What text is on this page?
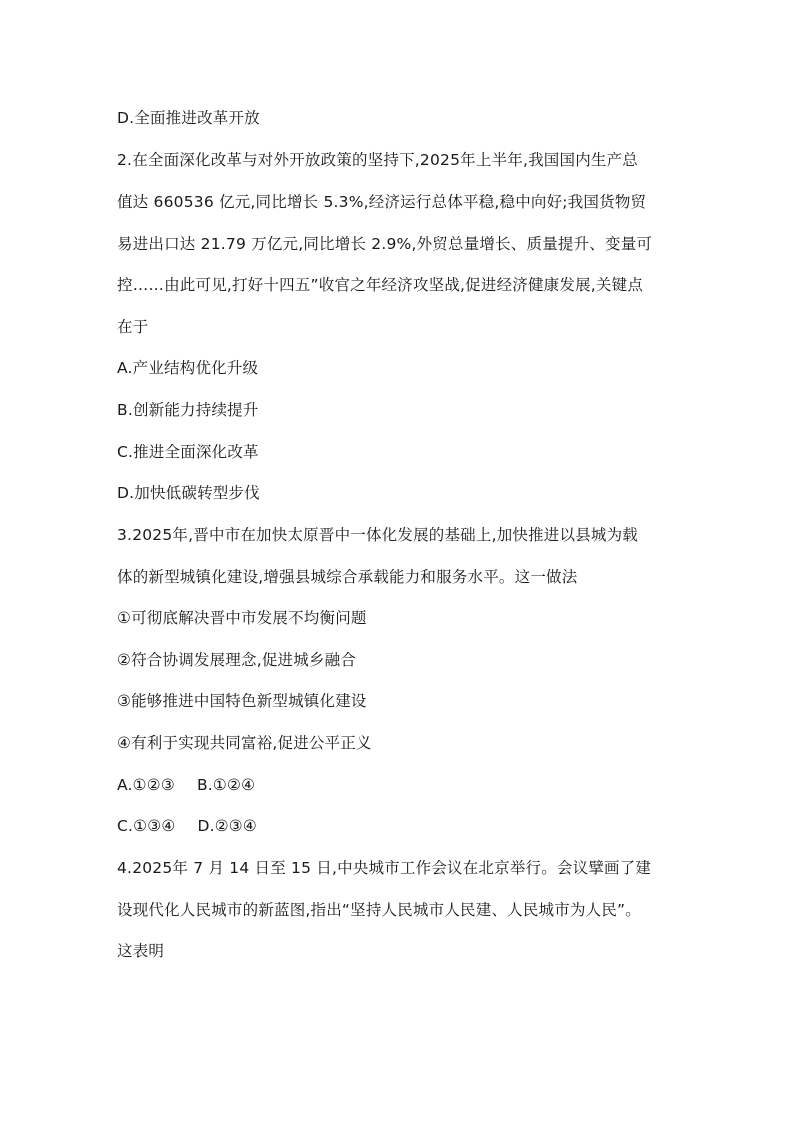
D.全面推进改革开放
2.在全面深化改革与对外开放政策的坚持下,2025年上半年,我国国内生产总
值达 660536 亿元,同比增长 5.3%,经济运行总体平稳,稳中向好;我国货物贸
易进出口达 21.79 万亿元,同比增长 2.9%,外贸总量增长、质量提升、变量可
控……由此可见,打好十四五”收官之年经济攻坚战,促进经济健康发展,关键点
在于
A.产业结构优化升级
B.创新能力持续提升
C.推进全面深化改革
D.加快低碳转型步伐
3.2025年,晋中市在加快太原晋中一体化发展的基础上,加快推进以县城为载
体的新型城镇化建设,增强县城综合承载能力和服务水平。这一做法
①可彻底解决晋中市发展不均衡问题
②符合协调发展理念,促进城乡融合
③能够推进中国特色新型城镇化建设
④有利于实现共同富裕,促进公平正义
A.①②③ B.①②④
C.①③④ D.②③④
4.2025年 7 月 14 日至 15 日,中央城市工作会议在北京举行。会议擘画了建
设现代化人民城市的新蓝图,指出“坚持人民城市人民建、人民城市为人民”。
这表明
